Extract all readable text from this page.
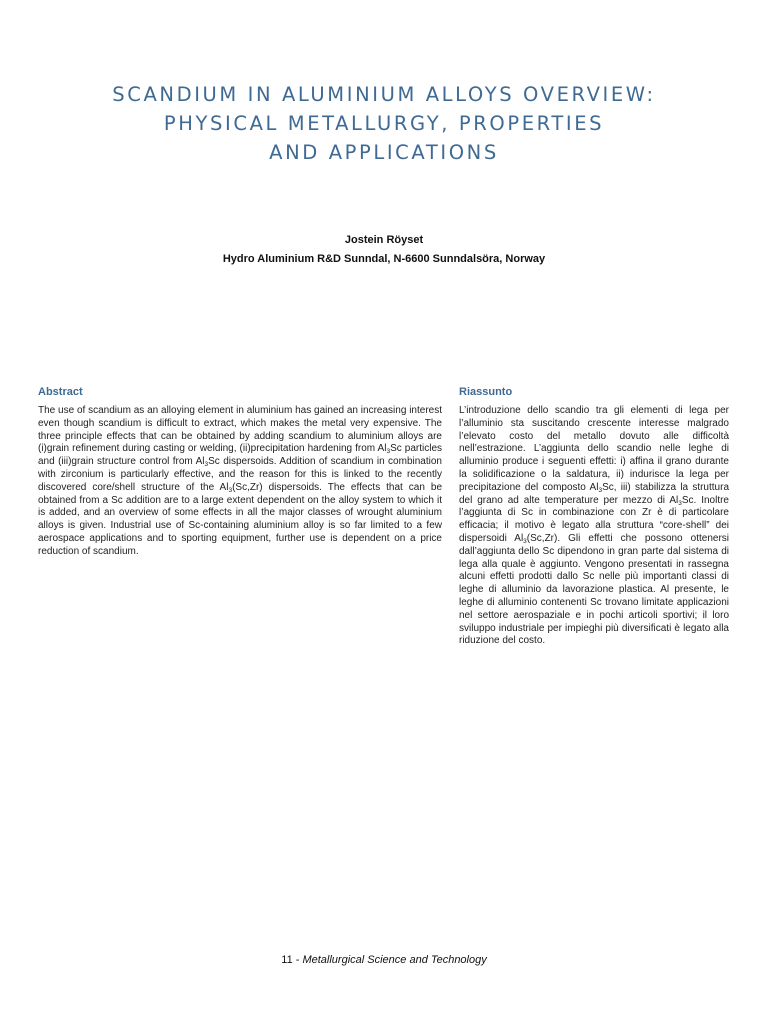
SCANDIUM IN ALUMINIUM ALLOYS OVERVIEW:
PHYSICAL METALLURGY, PROPERTIES
AND APPLICATIONS
Jostein Röyset
Hydro Aluminium R&D Sunndal, N-6600 Sunndalsöra, Norway
Abstract

The use of scandium as an alloying element in aluminium has gained an increasing interest even though scandium is difficult to extract, which makes the metal very expensive. The three principle effects that can be obtained by adding scandium to aluminium alloys are (i)grain refinement during casting or welding, (ii)precipitation hardening from $Al_3Sc$ particles and (iii)grain structure control from $Al_3Sc$ dispersoids. Addition of scandium in combination with zirconium is particularly effective, and the reason for this is linked to the recently discovered core/shell structure of the $Al_3(Sc,Zr)$ dispersoids. The effects that can be obtained from a Sc addition are to a large extent dependent on the alloy system to which it is added, and an overview of some effects in all the major classes of wrought aluminium alloys is given. Industrial use of Sc-containing aluminium alloy is so far limited to a few aerospace applications and to sporting equipment, further use is dependent on a price reduction of scandium.

Riassunto

L’introduzione dello scandio tra gli elementi di lega per l’alluminio sta suscitando crescente interesse malgrado l’elevato costo del metallo dovuto alle difficoltà nell’estrazione. L’aggiunta dello scandio nelle leghe di alluminio produce i seguenti effetti: i) affina il grano durante la solidificazione o la saldatura, ii) indurisce la lega per precipitazione del composto $Al_3Sc$, iii) stabilizza la struttura del grano ad alte temperature per mezzo di $Al_3Sc$. Inoltre l’aggiunta di Sc in combinazione con Zr è di particolare efficacia; il motivo è legato alla struttura “core-shell” dei dispersoidi $Al_3(Sc,Zr)$. Gli effetti che possono ottenersi dall’aggiunta dello Sc dipendono in gran parte dal sistema di lega alla quale è aggiunto. Vengono presentati in rassegna alcuni effetti prodotti dallo Sc nelle più importanti classi di leghe di alluminio da lavorazione plastica. Al presente, le leghe di alluminio contenenti Sc trovano limitate applicazioni nel settore aerospaziale e in pochi articoli sportivi; il loro sviluppo industriale per impieghi più diversificati è legato alla riduzione del costo.

11 - Metallurgical Science and Technology
